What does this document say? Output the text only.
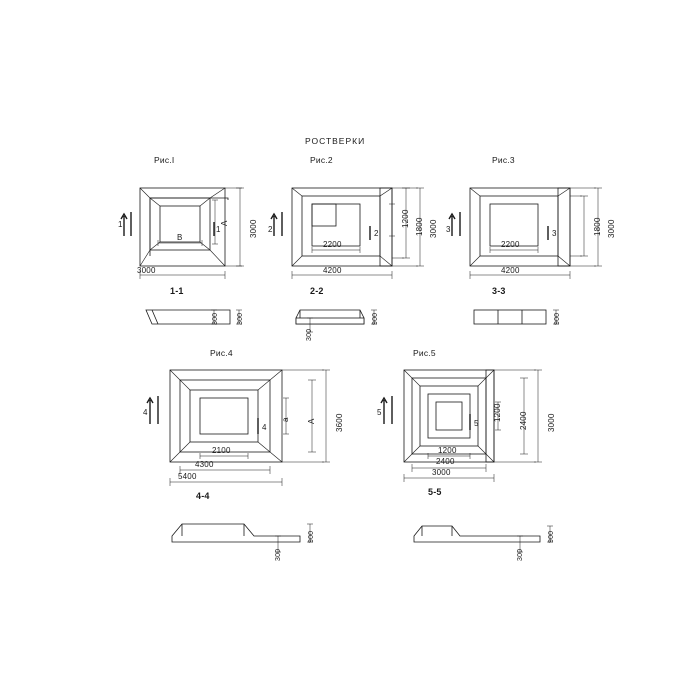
РОСТВЕРКИ
Рис.I
3000
3000
B
A
1
1
1-1
300
300
Рис.2
4200
2200
3000
1800
1200
2	2
2-2
900
300
Рис.3
4200
2200
3000
1800
3	3
3-3
900
Рис.4
5400
4300
2100
3600
A
a
4
4
4-4
900
300
Рис.5
3000
2400
1200
3000
2400
1200
5
5
5-5
900
300
